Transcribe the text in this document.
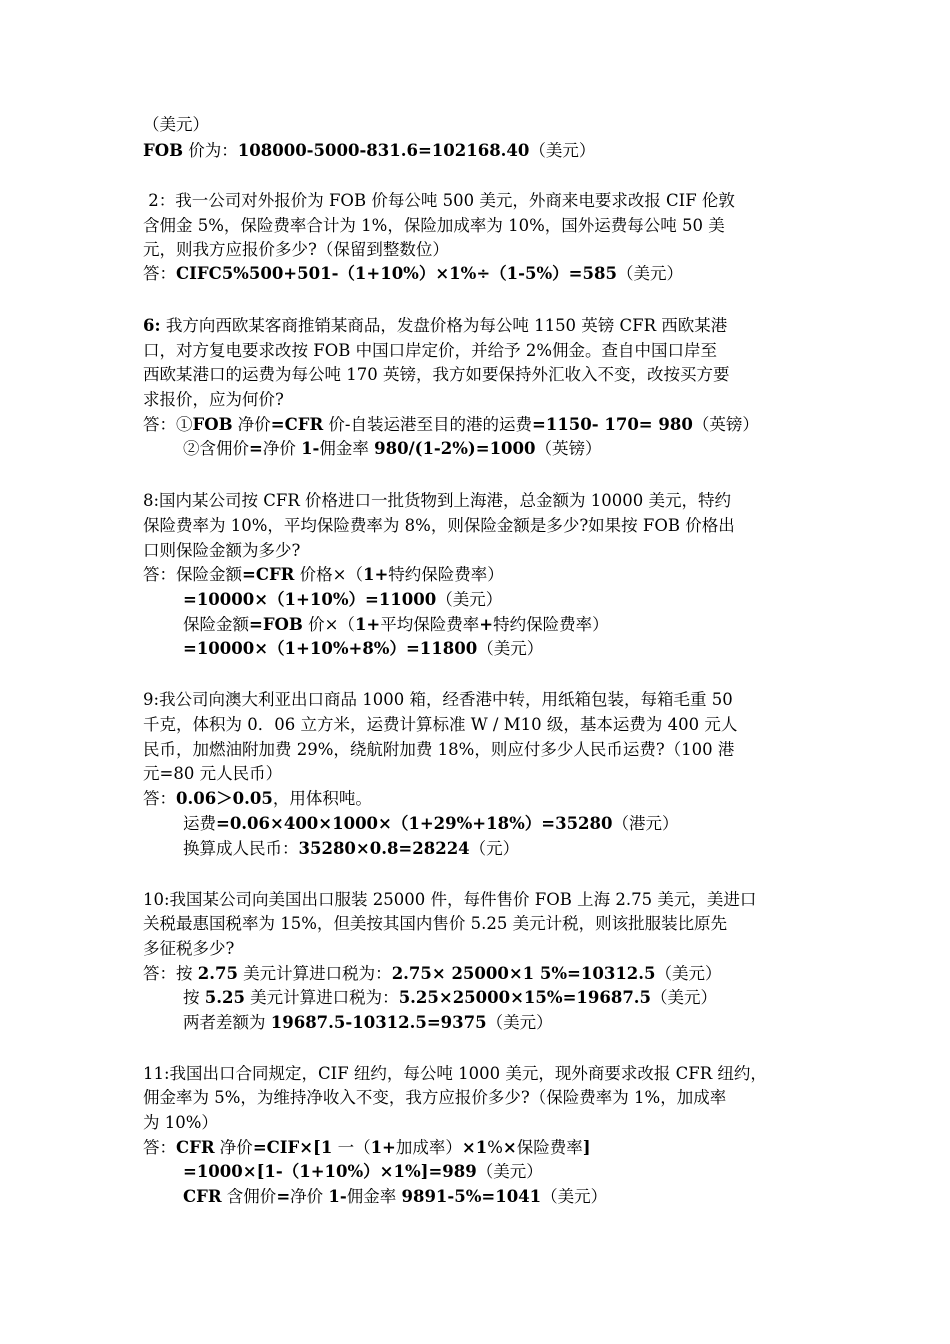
（美元）
FOB 价为：108000-5000-831.6=102168.40（美元）
2：我一公司对外报价为 FOB 价每公吨 500 美元，外商来电要求改报 CIF 伦敦
含佣金 5%，保险费率合计为 1%，保险加成率为 10%，国外运费每公吨 50 美
元，则我方应报价多少?（保留到整数位）
答：CIFC5%500+501-（1+10%）×1%÷（1-5%）=585（美元）
6: 我方向西欧某客商推销某商品，发盘价格为每公吨 1150 英镑 CFR 西欧某港
口，对方复电要求改按 FOB 中国口岸定价，并给予 2%佣金。查自中国口岸至
西欧某港口的运费为每公吨 170 英镑，我方如要保持外汇收入不变，改按买方要
求报价，应为何价?
答：①FOB 净价=CFR 价-自装运港至目的港的运费=1150- 170= 980（英镑）
②含佣价=净价 1-佣金率 980/(1-2%)=1000（英镑）
8:国内某公司按 CFR 价格进口一批货物到上海港，总金额为 10000 美元，特约
保险费率为 10%，平均保险费率为 8%，则保险金额是多少?如果按 FOB 价格出
口则保险金额为多少?
答：保险金额=CFR 价格×（1+特约保险费率）
=10000×（1+10%）=11000（美元）
保险金额=FOB 价×（1+平均保险费率+特约保险费率）
=10000×（1+10%+8%）=11800（美元）
9:我公司向澳大利亚出口商品 1000 箱，经香港中转，用纸箱包装，每箱毛重 50
千克，体积为 0．06 立方米，运费计算标准 W / M10 级，基本运费为 400 元人
民币，加燃油附加费 29%，绕航附加费 18%，则应付多少人民币运费?（100 港
元=80 元人民币）
答：0.06＞0.05，用体积吨。
运费=0.06×400×1000×（1+29%+18%）=35280（港元）
换算成人民币：35280×0.8=28224（元）
10:我国某公司向美国出口服装 25000 件，每件售价 FOB 上海 2.75 美元，美进口
关税最惠国税率为 15%，但美按其国内售价 5.25 美元计税，则该批服装比原先
多征税多少?
答：按 2.75 美元计算进口税为：2.75× 25000×1 5%=10312.5（美元）
按 5.25 美元计算进口税为：5.25×25000×15%=19687.5（美元）
两者差额为 19687.5-10312.5=9375（美元）
11:我国出口合同规定，CIF 纽约，每公吨 1000 美元，现外商要求改报 CFR 纽约，
佣金率为 5%，为维持净收入不变，我方应报价多少?（保险费率为 1%，加成率
为 10%）
答：CFR 净价=CIF×[1 一（1+加成率）×1%×保险费率]
=1000×[1-（1+10%）×1%]=989（美元）
CFR 含佣价=净价 1-佣金率 9891-5%=1041（美元）
